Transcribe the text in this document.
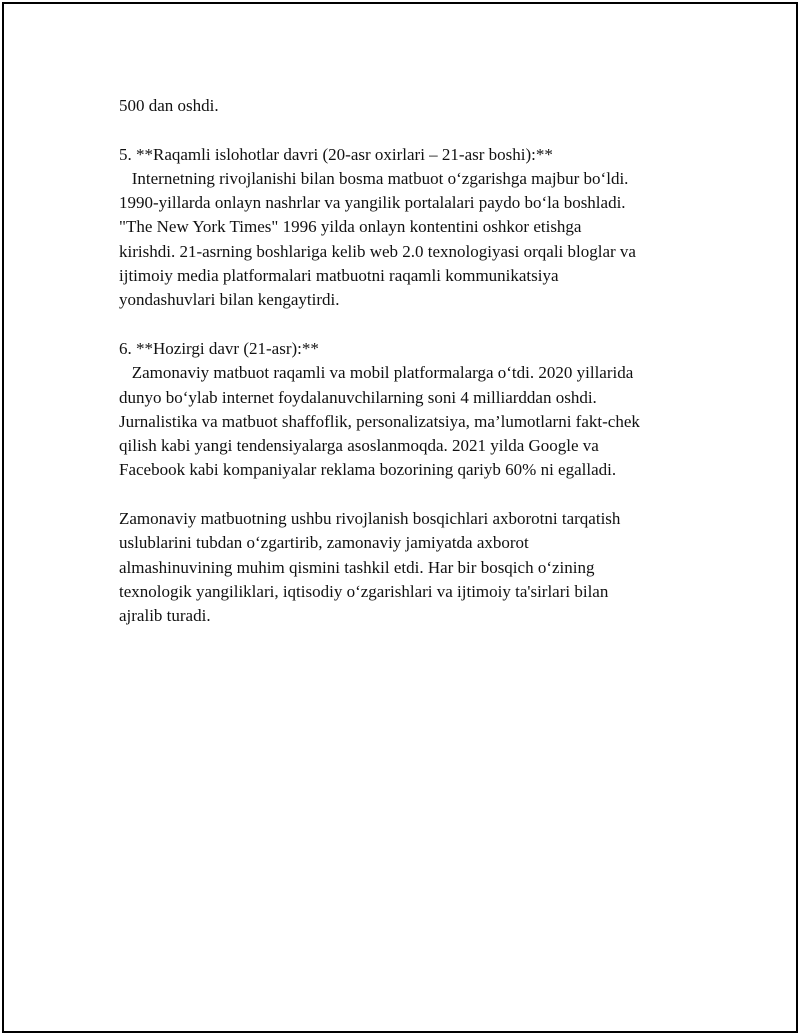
500 dan oshdi.
5. **Raqamli islohotlar davri (20-asr oxirlari – 21-asr boshi):**
Internetning rivojlanishi bilan bosma matbuot o‘zgarishga majbur bo‘ldi.
1990-yillarda onlayn nashrlar va yangilik portalalari paydo bo‘la boshladi.
"The New York Times" 1996 yilda onlayn kontentini oshkor etishga
kirishdi. 21-asrning boshlariga kelib web 2.0 texnologiyasi orqali bloglar va
ijtimoiy media platformalari matbuotni raqamli kommunikatsiya
yondashuvlari bilan kengaytirdi.
6. **Hozirgi davr (21-asr):**
Zamonaviy matbuot raqamli va mobil platformalarga o‘tdi. 2020 yillarida
dunyo bo‘ylab internet foydalanuvchilarning soni 4 milliarddan oshdi.
Jurnalistika va matbuot shaffoflik, personalizatsiya, ma’lumotlarni fakt-chek
qilish kabi yangi tendensiyalarga asoslanmoqda. 2021 yilda Google va
Facebook kabi kompaniyalar reklama bozorining qariyb 60% ni egalladi.
Zamonaviy matbuotning ushbu rivojlanish bosqichlari axborotni tarqatish
uslublarini tubdan o‘zgartirib, zamonaviy jamiyatda axborot
almashinuvining muhim qismini tashkil etdi. Har bir bosqich o‘zining
texnologik yangiliklari, iqtisodiy o‘zgarishlari va ijtimoiy ta'sirlari bilan
ajralib turadi.
